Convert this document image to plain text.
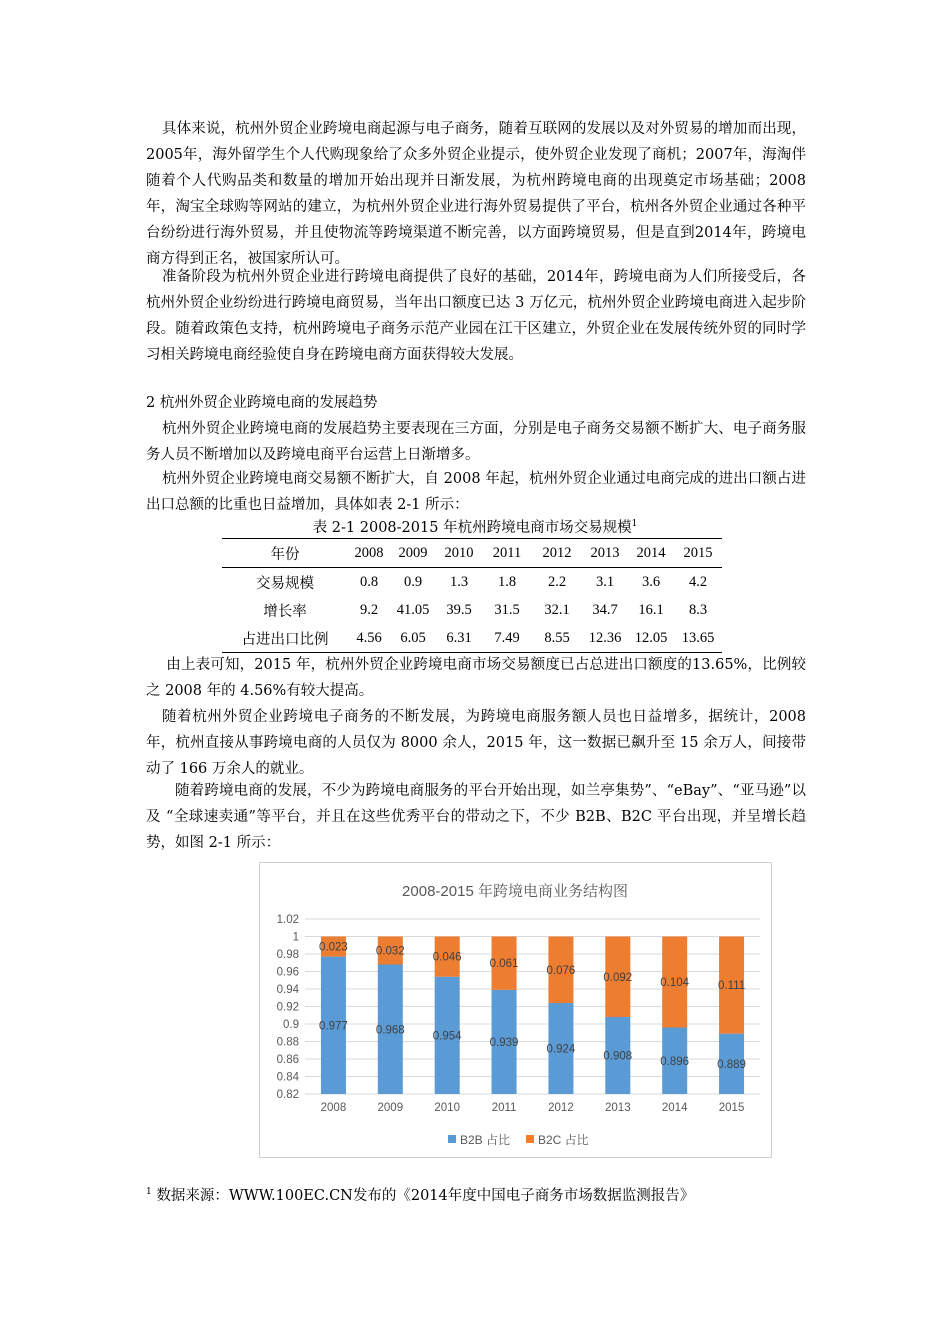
具体来说，杭州外贸企业跨境电商起源与电子商务，随着互联网的发展以及对外贸易的增加而出现，2005年，海外留学生个人代购现象给了众多外贸企业提示，使外贸企业发现了商机；2007年，海淘伴随着个人代购品类和数量的增加开始出现并日渐发展，为杭州跨境电商的出现奠定市场基础；2008年，淘宝全球购等网站的建立，为杭州外贸企业进行海外贸易提供了平台，杭州各外贸企业通过各种平台纷纷进行海外贸易，并且使物流等跨境渠道不断完善，以方面跨境贸易，但是直到2014年，跨境电商方得到正名，被国家所认可。

准备阶段为杭州外贸企业进行跨境电商提供了良好的基础，2014年，跨境电商为人们所接受后，各杭州外贸企业纷纷进行跨境电商贸易，当年出口额度已达 3 万亿元，杭州外贸企业跨境电商进入起步阶段。随着政策色支持，杭州跨境电子商务示范产业园在江干区建立，外贸企业在发展传统外贸的同时学习相关跨境电商经验使自身在跨境电商方面获得较大发展。

2 杭州外贸企业跨境电商的发展趋势

杭州外贸企业跨境电商的发展趋势主要表现在三方面，分别是电子商务交易额不断扩大、电子商务服务人员不断增加以及跨境电商平台运营上日渐增多。

杭州外贸企业跨境电商交易额不断扩大，自 2008 年起，杭州外贸企业通过电商完成的进出口额占进出口总额的比重也日益增加，具体如表 2-1 所示：

表 2-1 2008-2015 年杭州跨境电商市场交易规模$^1$
年份	2008	2009	2010	2011	2012	2013	2014	2015
交易规模	0.8	0.9	1.3	1.8	2.2	3.1	3.6	4.2
增长率	9.2	41.05	39.5	31.5	32.1	34.7	16.1	8.3
占进出口比例	4.56	6.05	6.31	7.49	8.55	12.36	12.05	13.65

由上表可知，2015 年，杭州外贸企业跨境电商市场交易额度已占总进出口额度的13.65%，比例较之 2008 年的 4.56%有较大提高。

随着杭州外贸企业跨境电子商务的不断发展，为跨境电商服务额人员也日益增多，据统计，2008 年，杭州直接从事跨境电商的人员仅为 8000 余人，2015 年，这一数据已飙升至 15 余万人，间接带动了 166 万余人的就业。

随着跨境电商的发展，不少为跨境电商服务的平台开始出现，如兰亭集势”、“eBay”、“亚马逊”以及 “全球速卖通”等平台，并且在这些优秀平台的带动之下，不少 B2B、B2C 平台出现，并呈增长趋势，如图 2-1 所示：

2008-2015 年跨境电商业务结构图
0.82
0.84
0.86
0.88
0.9
0.92
0.94
0.96
0.98
1
1.02
0.977
0.023
2008
0.968
0.032
2009
0.954
0.046
2010
0.939
0.061
2011
0.924
0.076
2012
0.908
0.092
2013
0.896
0.104
2014
0.889
0.111
2015
B2B 占比 B2C 占比
$^1$ 数据来源：WWW.100EC.CN发布的《2014年度中国电子商务市场数据监测报告》
